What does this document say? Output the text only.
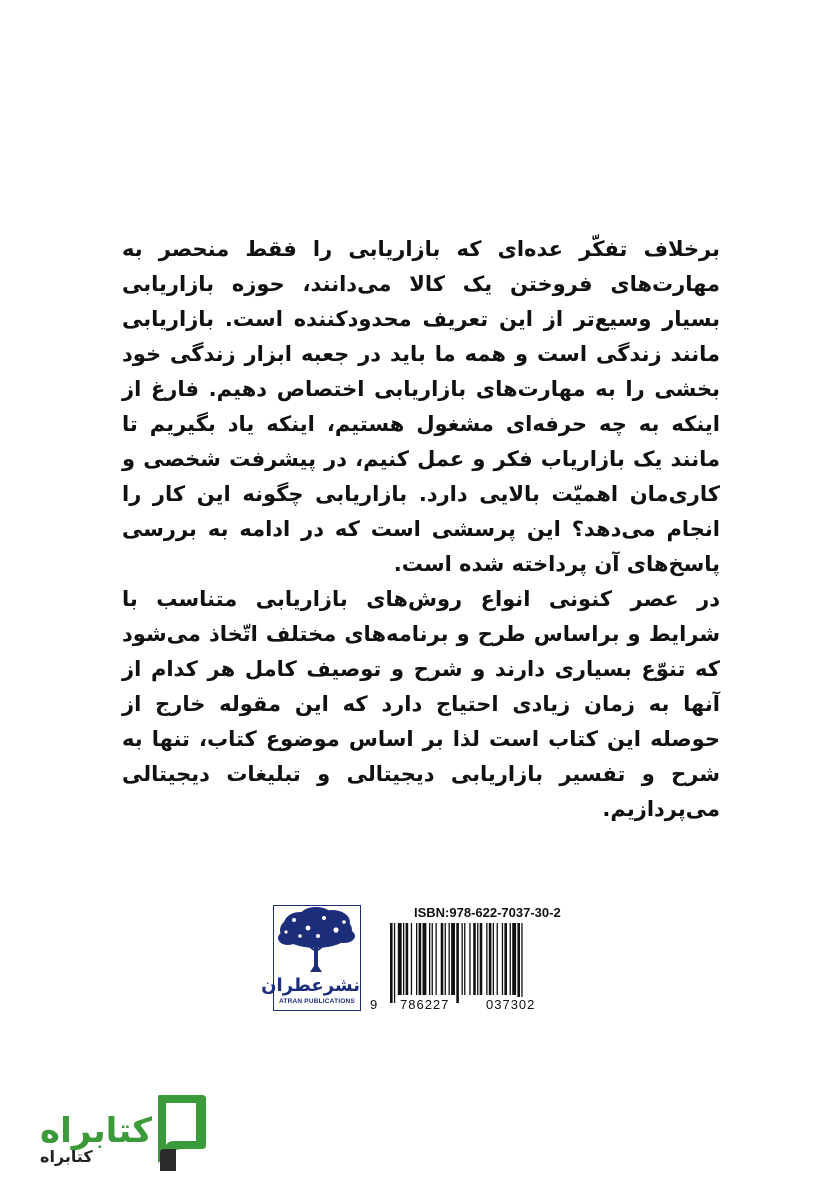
برخلاف تفکّر عده‌ای که بازاریابی را فقط منحصر به مهارت‌های فروختن یک کالا می‌دانند، حوزه بازاریابی بسیار وسیع‌تر از این تعریف محدودکننده است. بازاریابی مانند زندگی است و همه ما باید در جعبه ابزار زندگی خود بخشی را به مهارت‌های بازاریابی اختصاص دهیم. فارغ از اینکه به چه حرفه‌ای مشغول هستیم، اینکه یاد بگیریم تا مانند یک بازاریاب فکر و عمل کنیم، در پیشرفت شخصی و کاری‌مان اهمیّت بالایی دارد. بازاریابی چگونه این کار را انجام می‌دهد؟ این پرسشی است که در ادامه به بررسی پاسخ‌های آن پرداخته شده است.

در عصر کنونی انواع روش‌های بازاریابی متناسب با شرایط و براساس طرح و برنامه‌های مختلف اتّخاذ می‌شود که تنوّع بسیاری دارند و شرح و توصیف کامل هر کدام از آنها به زمان زیادی احتیاج دارد که این مقوله خارج از حوصله این کتاب است لذا بر اساس موضوع کتاب، تنها به شرح و تفسیر بازاریابی دیجیتالی و تبلیغات دیجیتالی می‌پردازیم.

نشرعطران
ATRAN PUBLICATIONS
ISBN:978-622-7037-30-2
9 786227	037302
کتابراه
کتابراه
